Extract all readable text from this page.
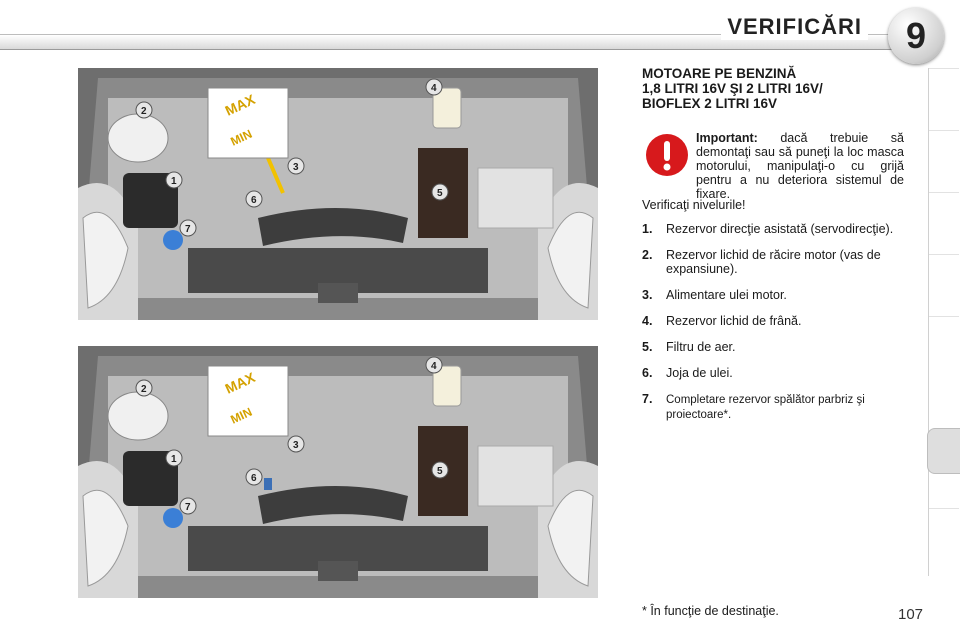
VERIFICĂRI 9
MAX
MIN
1
2
3
4
5
6
7
MAX
MIN
1
2
3
4
5
6
7
MOTOARE PE BENZINĂ
1,8 LITRI 16V ŞI 2 LITRI 16V/
BIOFLEX 2 LITRI 16V
Important: dacă trebuie să demontaţi sau să puneţi la loc masca motorului, manipulaţi-o cu grijă pentru a nu deteriora sistemul de fixare.
Verificaţi nivelurile!
1. Rezervor direcţie asistată (servodirecţie).
2. Rezervor lichid de răcire motor (vas de expansiune).
3. Alimentare ulei motor.
4. Rezervor lichid de frână.
5. Filtru de aer.
6. Joja de ulei.
7. Completare rezervor spălător parbriz şi proiectoare*.
* În funcţie de destinaţie.	107
